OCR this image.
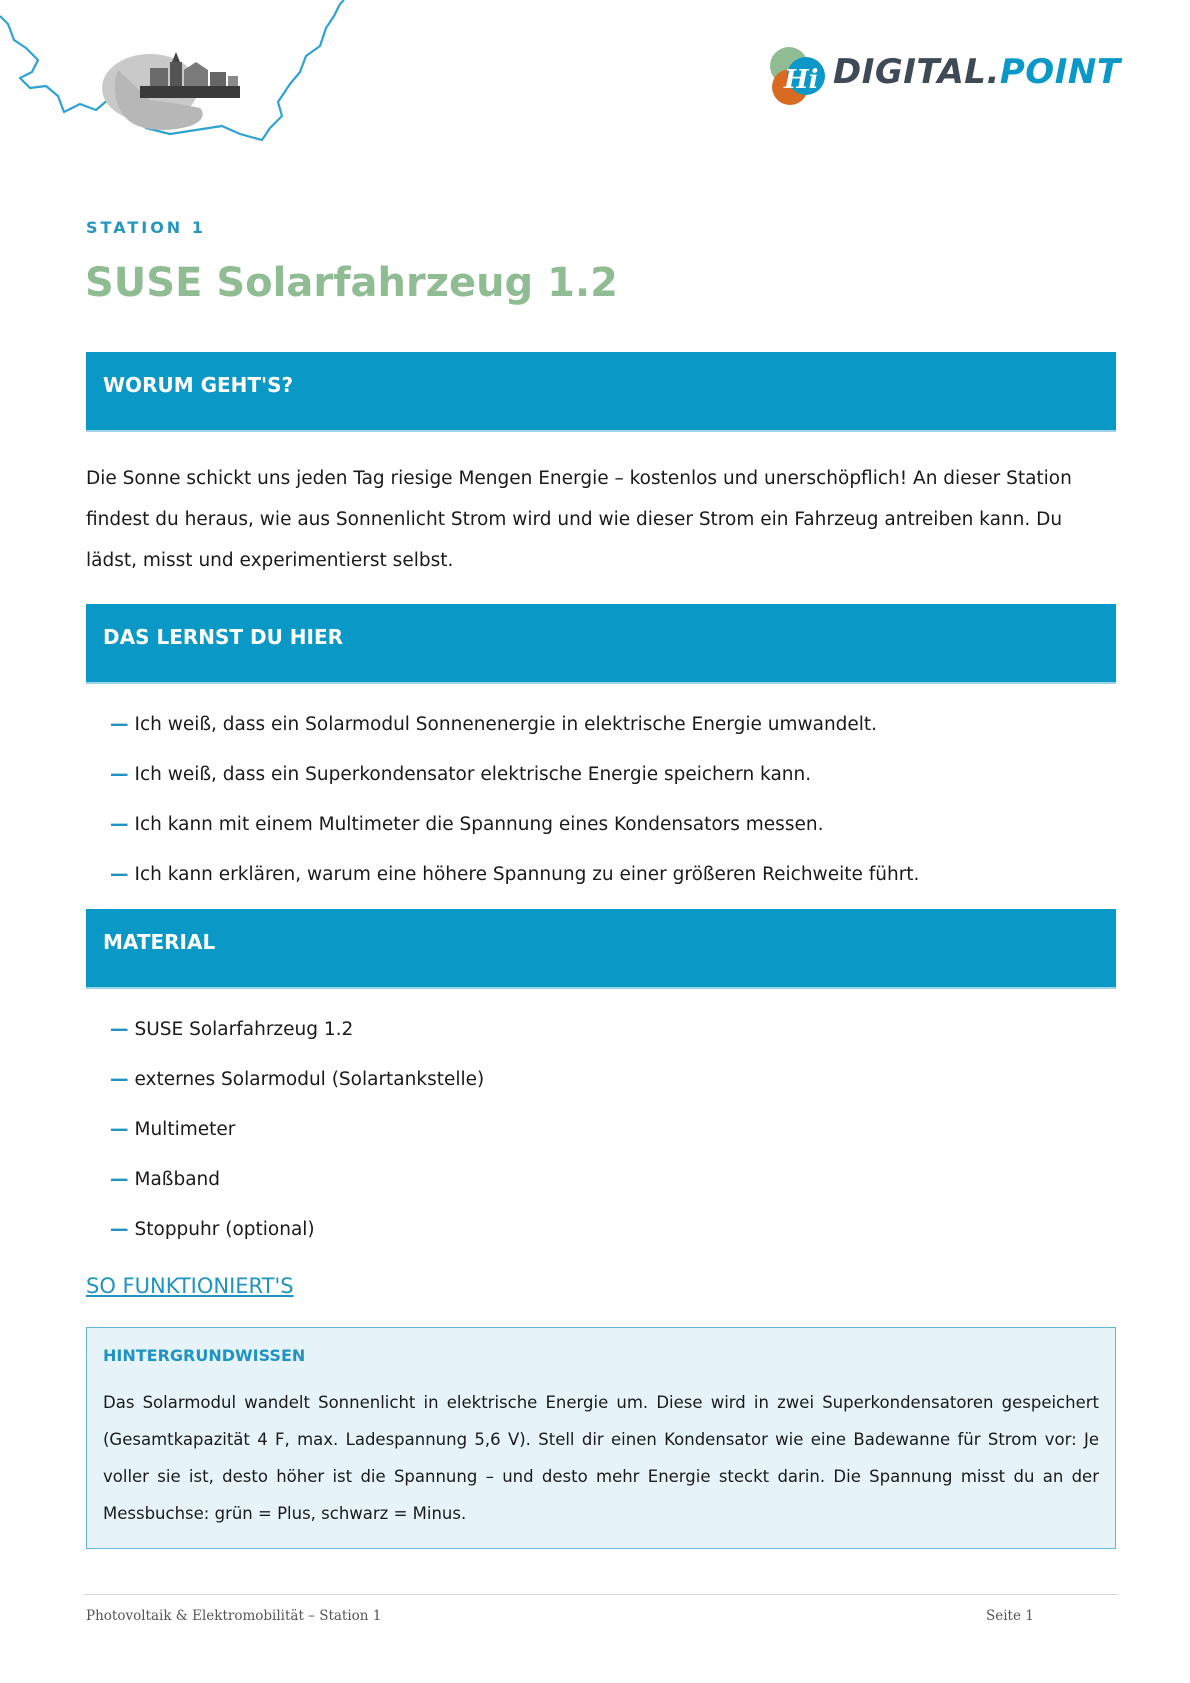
Hi DIGITAL.POINT
STATION 1
SUSE Solarfahrzeug 1.2
WORUM GEHT'S?

Die Sonne schickt uns jeden Tag riesige Mengen Energie – kostenlos und unerschöpflich! An dieser Station findest du heraus, wie aus Sonnenlicht Strom wird und wie dieser Strom ein Fahrzeug antreiben kann. Du lädst, misst und experimentierst selbst.

DAS LERNST DU HIER
— Ich weiß, dass ein Solarmodul Sonnenenergie in elektrische Energie umwandelt.
— Ich weiß, dass ein Superkondensator elektrische Energie speichern kann.
— Ich kann mit einem Multimeter die Spannung eines Kondensators messen.
— Ich kann erklären, warum eine höhere Spannung zu einer größeren Reichweite führt.
MATERIAL
— SUSE Solarfahrzeug 1.2
— externes Solarmodul (Solartankstelle)
— Multimeter
— Maßband
— Stoppuhr (optional)
SO FUNKTIONIERT'S
HINTERGRUNDWISSEN

Das Solarmodul wandelt Sonnenlicht in elektrische Energie um. Diese wird in zwei Superkondensatoren gespeichert (Gesamtkapazität 4 F, max. Ladespannung 5,6 V). Stell dir einen Kondensator wie eine Badewanne für Strom vor: Je voller sie ist, desto höher ist die Spannung – und desto mehr Energie steckt darin. Die Spannung misst du an der Messbuchse: grün = Plus, schwarz = Minus.

Photovoltaik & Elektromobilität – Station 1	Seite 1
